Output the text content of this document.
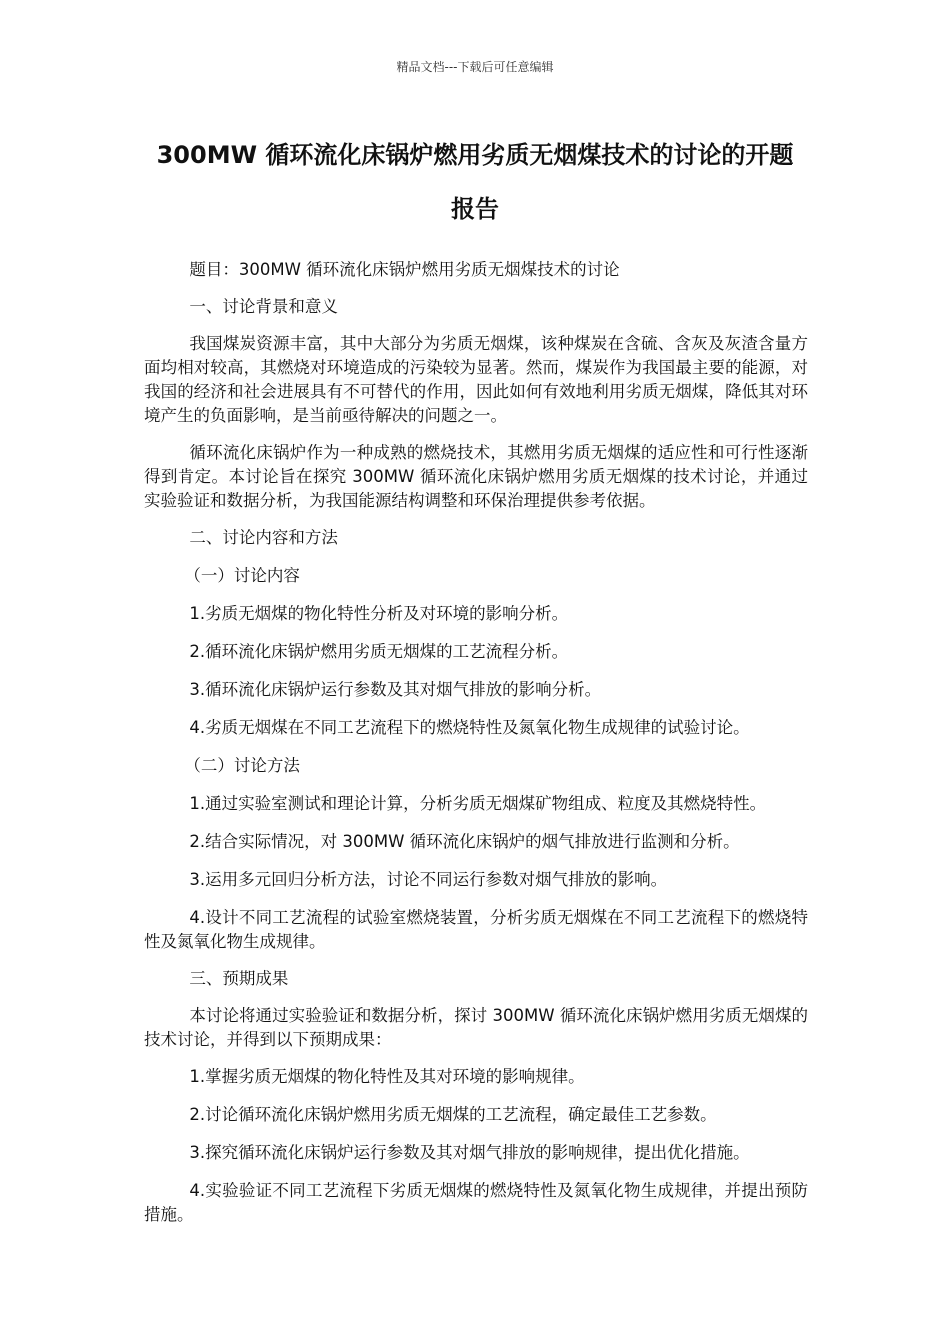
精品文档---下载后可任意编辑
300MW 循环流化床锅炉燃用劣质无烟煤技术的讨论的开题
报告

题目：300MW 循环流化床锅炉燃用劣质无烟煤技术的讨论

一、讨论背景和意义

我国煤炭资源丰富，其中大部分为劣质无烟煤，该种煤炭在含硫、含灰及灰渣含量方面均相对较高，其燃烧对环境造成的污染较为显著。然而，煤炭作为我国最主要的能源，对我国的经济和社会进展具有不可替代的作用，因此如何有效地利用劣质无烟煤，降低其对环境产生的负面影响，是当前亟待解决的问题之一。

循环流化床锅炉作为一种成熟的燃烧技术，其燃用劣质无烟煤的适应性和可行性逐渐得到肯定。本讨论旨在探究 300MW 循环流化床锅炉燃用劣质无烟煤的技术讨论，并通过实验验证和数据分析，为我国能源结构调整和环保治理提供参考依据。

二、讨论内容和方法

（一）讨论内容

1.劣质无烟煤的物化特性分析及对环境的影响分析。

2.循环流化床锅炉燃用劣质无烟煤的工艺流程分析。

3.循环流化床锅炉运行参数及其对烟气排放的影响分析。

4.劣质无烟煤在不同工艺流程下的燃烧特性及氮氧化物生成规律的试验讨论。

（二）讨论方法

1.通过实验室测试和理论计算，分析劣质无烟煤矿物组成、粒度及其燃烧特性。

2.结合实际情况，对 300MW 循环流化床锅炉的烟气排放进行监测和分析。

3.运用多元回归分析方法，讨论不同运行参数对烟气排放的影响。

4.设计不同工艺流程的试验室燃烧装置，分析劣质无烟煤在不同工艺流程下的燃烧特性及氮氧化物生成规律。

三、预期成果

本讨论将通过实验验证和数据分析，探讨 300MW 循环流化床锅炉燃用劣质无烟煤的技术讨论，并得到以下预期成果：

1.掌握劣质无烟煤的物化特性及其对环境的影响规律。

2.讨论循环流化床锅炉燃用劣质无烟煤的工艺流程，确定最佳工艺参数。

3.探究循环流化床锅炉运行参数及其对烟气排放的影响规律，提出优化措施。

4.实验验证不同工艺流程下劣质无烟煤的燃烧特性及氮氧化物生成规律，并提出预防措施。
